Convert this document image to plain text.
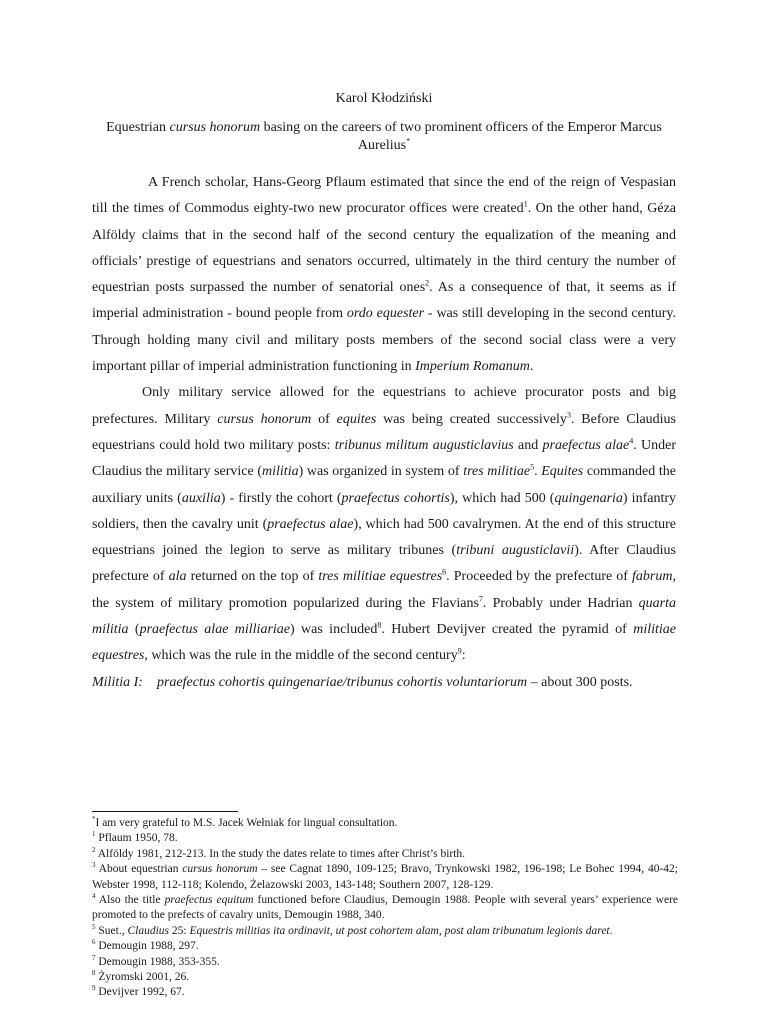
Karol Kłodziński
Equestrian cursus honorum basing on the careers of two prominent officers of the Emperor Marcus Aurelius*

A French scholar, Hans-Georg Pflaum estimated that since the end of the reign of Vespasian till the times of Commodus eighty-two new procurator offices were created$^1$. On the other hand, Géza Alföldy claims that in the second half of the second century the equalization of the meaning and officials’ prestige of equestrians and senators occurred, ultimately in the third century the number of equestrian posts surpassed the number of senatorial ones$^2$. As a consequence of that, it seems as if imperial administration - bound people from ordo equester - was still developing in the second century. Through holding many civil and military posts members of the second social class were a very important pillar of imperial administration functioning in Imperium Romanum.

Only military service allowed for the equestrians to achieve procurator posts and big prefectures. Military cursus honorum of equites was being created successively$^3$. Before Claudius equestrians could hold two military posts: tribunus militum augusticlavius and praefectus alae$^4$. Under Claudius the military service (militia) was organized in system of tres militiae$^5$. Equites commanded the auxiliary units (auxilia) - firstly the cohort (praefectus cohortis), which had 500 (quingenaria) infantry soldiers, then the cavalry unit (praefectus alae), which had 500 cavalrymen. At the end of this structure equestrians joined the legion to serve as military tribunes (tribuni augusticlavii). After Claudius prefecture of ala returned on the top of tres militiae equestres$^6$. Proceeded by the prefecture of fabrum, the system of military promotion popularized during the Flavians$^7$. Probably under Hadrian quarta militia (praefectus alae milliariae) was included$^8$. Hubert Devijver created the pyramid of militiae equestres, which was the rule in the middle of the second century$^9$:

Militia I: praefectus cohortis quingenariae/tribunus cohortis voluntariorum – about 300 posts.

*I am very grateful to M.S. Jacek Wełniak for lingual consultation.

$^1$ Pflaum 1950, 78.

$^2$ Alföldy 1981, 212-213. In the study the dates relate to times after Christ’s birth.

$^3$ About equestrian cursus honorum – see Cagnat 1890, 109-125; Bravo, Trynkowski 1982, 196-198; Le Bohec 1994, 40-42; Webster 1998, 112-118; Kolendo, Żelazowski 2003, 143-148; Southern 2007, 128-129.

$^4$ Also the title praefectus equitum functioned before Claudius, Demougin 1988. People with several years’ experience were promoted to the prefects of cavalry units, Demougin 1988, 340.

$^5$ Suet., Claudius 25: Equestris militias ita ordinavit, ut post cohortem alam, post alam tribunatum legionis daret.

$^6$ Demougin 1988, 297.

$^7$ Demougin 1988, 353-355.

$^8$ Żyromski 2001, 26.

$^9$ Devijver 1992, 67.
